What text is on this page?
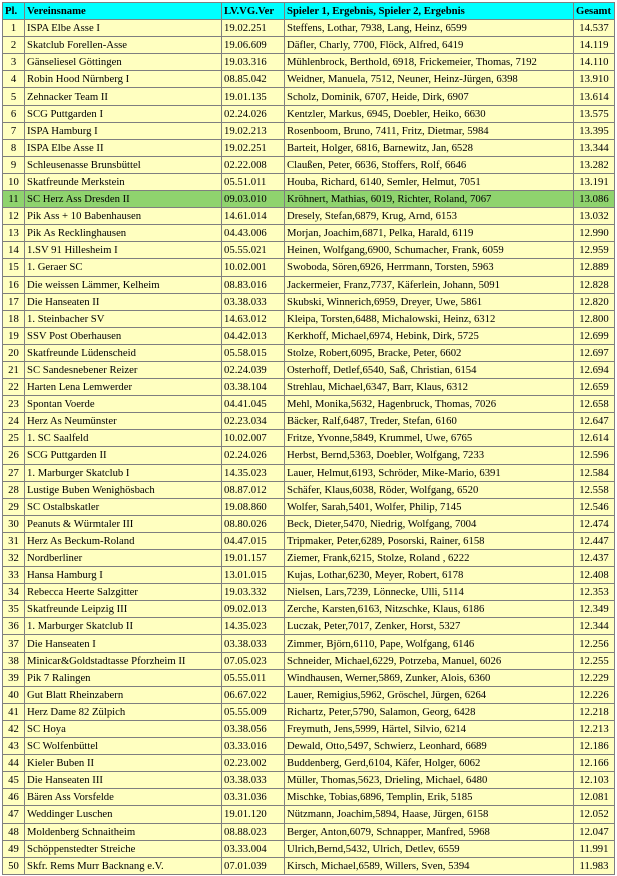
Pl.	Vereinsname	LV.VG.Ver	Spieler 1, Ergebnis, Spieler 2, Ergebnis	Gesamt
1	ISPA Elbe Asse I	19.02.251	Steffens, Lothar, 7938, Lang, Heinz, 6599	14.537
2	Skatclub Forellen-Asse	19.06.609	Däfler, Charly, 7700, Flöck, Alfred, 6419	14.119
3	Gänseliesel Göttingen	19.03.316	Mühlenbrock, Berthold, 6918, Frickemeier, Thomas, 7192	14.110
4	Robin Hood Nürnberg I	08.85.042	Weidner, Manuela, 7512, Neuner, Heinz-Jürgen, 6398	13.910
5	Zehnacker Team II	19.01.135	Scholz, Dominik, 6707, Heide, Dirk, 6907	13.614
6	SCG Puttgarden I	02.24.026	Kentzler, Markus, 6945, Doebler, Heiko, 6630	13.575
7	ISPA Hamburg I	19.02.213	Rosenboom, Bruno, 7411, Fritz, Dietmar, 5984	13.395
8	ISPA Elbe Asse II	19.02.251	Barteit, Holger, 6816, Barnewitz, Jan, 6528	13.344
9	Schleusenasse Brunsbüttel	02.22.008	Claußen, Peter, 6636, Stoffers, Rolf, 6646	13.282
10	Skatfreunde Merkstein	05.51.011	Houba, Richard, 6140, Semler, Helmut, 7051	13.191
11	SC Herz Ass Dresden II	09.03.010	Kröhnert, Mathias, 6019, Richter, Roland, 7067	13.086
12	Pik Ass + 10 Babenhausen	14.61.014	Dresely, Stefan,6879, Krug, Arnd, 6153	13.032
13	Pik As Recklinghausen	04.43.006	Morjan, Joachim,6871, Pelka, Harald, 6119	12.990
14	1.SV 91 Hillesheim I	05.55.021	Heinen, Wolfgang,6900, Schumacher, Frank, 6059	12.959
15	1. Geraer SC	10.02.001	Swoboda, Sören,6926, Herrmann, Torsten, 5963	12.889
16	Die weissen Lämmer, Kelheim	08.83.016	Jackermeier, Franz,7737, Käferlein, Johann, 5091	12.828
17	Die Hanseaten II	03.38.033	Skubski, Winnerich,6959, Dreyer, Uwe, 5861	12.820
18	1. Steinbacher SV	14.63.012	Kleipa, Torsten,6488, Michalowski, Heinz, 6312	12.800
19	SSV Post Oberhausen	04.42.013	Kerkhoff, Michael,6974, Hebink, Dirk, 5725	12.699
20	Skatfreunde Lüdenscheid	05.58.015	Stolze, Robert,6095, Bracke, Peter, 6602	12.697
21	SC Sandesnebener Reizer	02.24.039	Osterhoff, Detlef,6540, Saß, Christian, 6154	12.694
22	Harten Lena Lemwerder	03.38.104	Strehlau, Michael,6347, Barr, Klaus, 6312	12.659
23	Spontan Voerde	04.41.045	Mehl, Monika,5632, Hagenbruck, Thomas, 7026	12.658
24	Herz As Neumünster	02.23.034	Bäcker, Ralf,6487, Treder, Stefan, 6160	12.647
25	1. SC Saalfeld	10.02.007	Fritze, Yvonne,5849, Krummel, Uwe, 6765	12.614
26	SCG Puttgarden II	02.24.026	Herbst, Bernd,5363, Doebler, Wolfgang, 7233	12.596
27	1. Marburger Skatclub I	14.35.023	Lauer, Helmut,6193, Schröder, Mike-Mario, 6391	12.584
28	Lustige Buben Wenighösbach	08.87.012	Schäfer, Klaus,6038, Röder, Wolfgang, 6520	12.558
29	SC Ostalbskatler	19.08.860	Wolfer, Sarah,5401, Wolfer, Philip, 7145	12.546
30	Peanuts & Würmtaler III	08.80.026	Beck, Dieter,5470, Niedrig, Wolfgang, 7004	12.474
31	Herz As Beckum-Roland	04.47.015	Tripmaker, Peter,6289, Posorski, Rainer, 6158	12.447
32	Nordberliner	19.01.157	Ziemer, Frank,6215, Stolze, Roland , 6222	12.437
33	Hansa Hamburg I	13.01.015	Kujas, Lothar,6230, Meyer, Robert, 6178	12.408
34	Rebecca Heerte Salzgitter	19.03.332	Nielsen, Lars,7239, Lönnecke, Ulli, 5114	12.353
35	Skatfreunde Leipzig III	09.02.013	Zerche, Karsten,6163, Nitzschke, Klaus, 6186	12.349
36	1. Marburger Skatclub II	14.35.023	Luczak, Peter,7017, Zenker, Horst, 5327	12.344
37	Die Hanseaten I	03.38.033	Zimmer, Björn,6110, Pape, Wolfgang, 6146	12.256
38	Minicar&Goldstadtasse Pforzheim II	07.05.023	Schneider, Michael,6229, Potrzeba, Manuel, 6026	12.255
39	Pik 7 Ralingen	05.55.011	Windhausen, Werner,5869, Zunker, Alois, 6360	12.229
40	Gut Blatt Rheinzabern	06.67.022	Lauer, Remigius,5962, Gröschel, Jürgen, 6264	12.226
41	Herz Dame 82 Zülpich	05.55.009	Richartz, Peter,5790, Salamon, Georg, 6428	12.218
42	SC Hoya	03.38.056	Freymuth, Jens,5999, Härtel, Silvio, 6214	12.213
43	SC Wolfenbüttel	03.33.016	Dewald, Otto,5497, Schwierz, Leonhard, 6689	12.186
44	Kieler Buben II	02.23.002	Buddenberg, Gerd,6104, Käfer, Holger, 6062	12.166
45	Die Hanseaten III	03.38.033	Müller, Thomas,5623, Drieling, Michael, 6480	12.103
46	Bären Ass Vorsfelde	03.31.036	Mischke, Tobias,6896, Templin, Erik, 5185	12.081
47	Weddinger Luschen	19.01.120	Nützmann, Joachim,5894, Haase, Jürgen, 6158	12.052
48	Moldenberg Schnaitheim	08.88.023	Berger, Anton,6079, Schnapper, Manfred, 5968	12.047
49	Schöppenstedter Streiche	03.33.004	Ulrich,Bernd,5432, Ulrich, Detlev, 6559	11.991
50	Skfr. Rems Murr Backnang e.V.	07.01.039	Kirsch, Michael,6589, Willers, Sven, 5394	11.983
